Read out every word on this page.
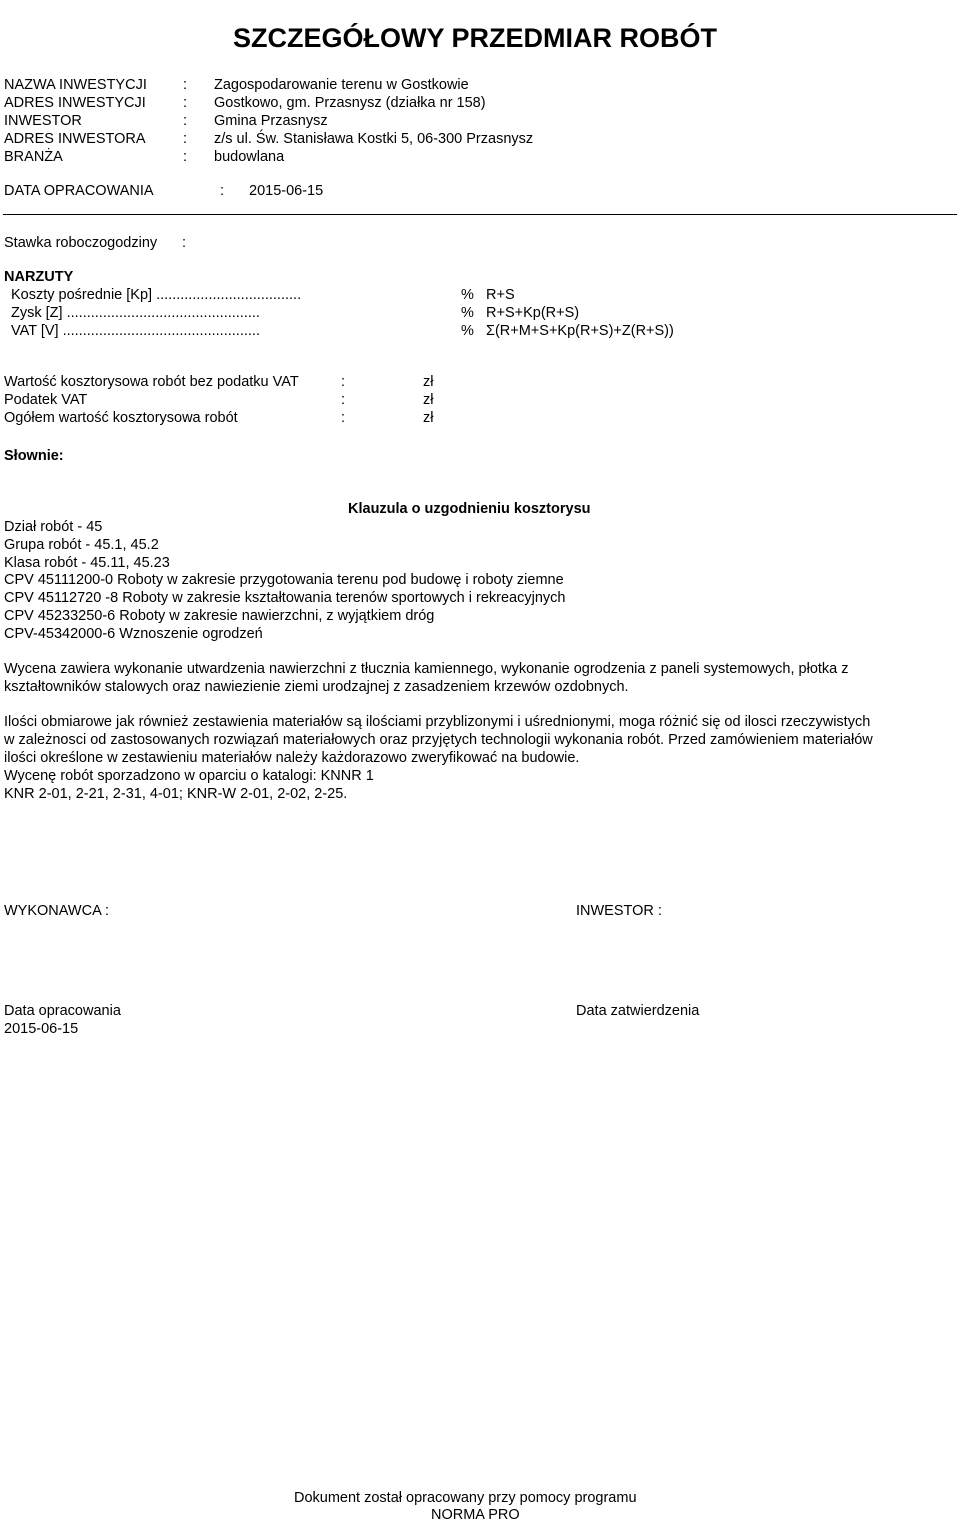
SZCZEGÓŁOWY PRZEDMIAR ROBÓT
NAZWA INWESTYCJI : Zagospodarowanie terenu w Gostkowie
ADRES INWESTYCJI	: Gostkowo, gm. Przasnysz (działka nr 158)
INWESTOR	: Gmina Przasnysz
ADRES INWESTORA	: z/s ul. Św. Stanisława Kostki 5, 06-300 Przasnysz
BRANŻA	: budowlana
DATA OPRACOWANIA	: 2015-06-15
Stawka roboczogodziny :
NARZUTY
Koszty pośrednie [Kp] ....................................	% R+S
Zysk [Z] ................................................	% R+S+Kp(R+S)
VAT [V] .................................................	% Σ(R+M+S+Kp(R+S)+Z(R+S))
Wartość kosztorysowa robót bez podatku VAT	:	zł
Podatek VAT	:	zł
Ogółem wartość kosztorysowa robót	:	zł
Słownie:
Klauzula o uzgodnieniu kosztorysu
Dział robót - 45
Grupa robót - 45.1, 45.2
Klasa robót - 45.11, 45.23
CPV 45111200-0 Roboty w zakresie przygotowania terenu pod budowę i roboty ziemne
CPV 45112720 -8 Roboty w zakresie kształtowania terenów sportowych i rekreacyjnych
CPV 45233250-6 Roboty w zakresie nawierzchni, z wyjątkiem dróg
CPV-45342000-6 Wznoszenie ogrodzeń
Wycena zawiera wykonanie utwardzenia nawierzchni z tłucznia kamiennego, wykonanie ogrodzenia z paneli systemowych, płotka z kształtowników stalowych oraz nawiezienie ziemi urodzajnej z zasadzeniem krzewów ozdobnych.
Ilości obmiarowe jak również zestawienia materiałów są ilościami przyblizonymi i uśrednionymi, moga różnić się od ilosci rzeczywistych
w zależnosci od zastosowanych rozwiązań materiałowych oraz przyjętych technologii wykonania robót. Przed zamówieniem materiałów
ilości określone w zestawieniu materiałów należy każdorazowo zweryfikować na budowie.
Wycenę robót sporzadzono w oparciu o katalogi: KNNR 1
KNR 2-01, 2-21, 2-31, 4-01; KNR-W 2-01, 2-02, 2-25.
WYKONAWCA :	INWESTOR :
Data opracowania
2015-06-15
Data zatwierdzenia
Dokument został opracowany przy pomocy programu
NORMA PRO
